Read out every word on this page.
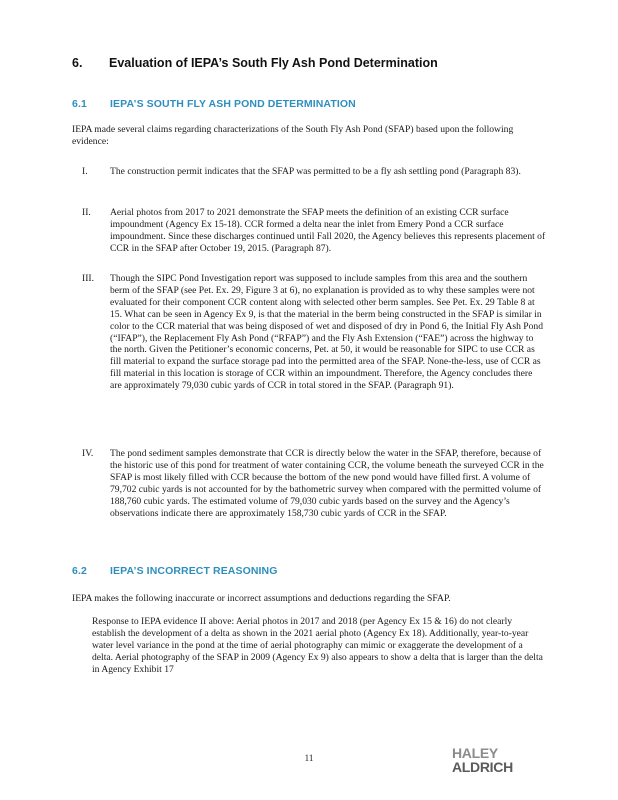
6. Evaluation of IEPA’s South Fly Ash Pond Determination
6.1 IEPA’S SOUTH FLY ASH POND DETERMINATION
IEPA made several claims regarding characterizations of the South Fly Ash Pond (SFAP) based upon the following evidence:
I. The construction permit indicates that the SFAP was permitted to be a fly ash settling pond (Paragraph 83).
II. Aerial photos from 2017 to 2021 demonstrate the SFAP meets the definition of an existing CCR surface impoundment (Agency Ex 15-18). CCR formed a delta near the inlet from Emery Pond a CCR surface impoundment. Since these discharges continued until Fall 2020, the Agency believes this represents placement of CCR in the SFAP after October 19, 2015. (Paragraph 87).
III. Though the SIPC Pond Investigation report was supposed to include samples from this area and the southern berm of the SFAP (see Pet. Ex. 29, Figure 3 at 6), no explanation is provided as to why these samples were not evaluated for their component CCR content along with selected other berm samples. See Pet. Ex. 29 Table 8 at 15. What can be seen in Agency Ex 9, is that the material in the berm being constructed in the SFAP is similar in color to the CCR material that was being disposed of wet and disposed of dry in Pond 6, the Initial Fly Ash Pond (“IFAP”), the Replacement Fly Ash Pond (“RFAP”) and the Fly Ash Extension (“FAE”) across the highway to the north. Given the Petitioner’s economic concerns, Pet. at 50, it would be reasonable for SIPC to use CCR as fill material to expand the surface storage pad into the permitted area of the SFAP. None-the-less, use of CCR as fill material in this location is storage of CCR within an impoundment. Therefore, the Agency concludes there are approximately 79,030 cubic yards of CCR in total stored in the SFAP. (Paragraph 91).
IV. The pond sediment samples demonstrate that CCR is directly below the water in the SFAP, therefore, because of the historic use of this pond for treatment of water containing CCR, the volume beneath the surveyed CCR in the SFAP is most likely filled with CCR because the bottom of the new pond would have filled first. A volume of 79,702 cubic yards is not accounted for by the bathometric survey when compared with the permitted volume of 188,760 cubic yards. The estimated volume of 79,030 cubic yards based on the survey and the Agency’s observations indicate there are approximately 158,730 cubic yards of CCR in the SFAP.
6.2 IEPA’S INCORRECT REASONING
IEPA makes the following inaccurate or incorrect assumptions and deductions regarding the SFAP.
Response to IEPA evidence II above: Aerial photos in 2017 and 2018 (per Agency Ex 15 & 16) do not clearly establish the development of a delta as shown in the 2021 aerial photo (Agency Ex 18). Additionally, year-to-year water level variance in the pond at the time of aerial photography can mimic or exaggerate the development of a delta. Aerial photography of the SFAP in 2009 (Agency Ex 9) also appears to show a delta that is larger than the delta in Agency Exhibit 17
11	HALEY
ALDRICH
